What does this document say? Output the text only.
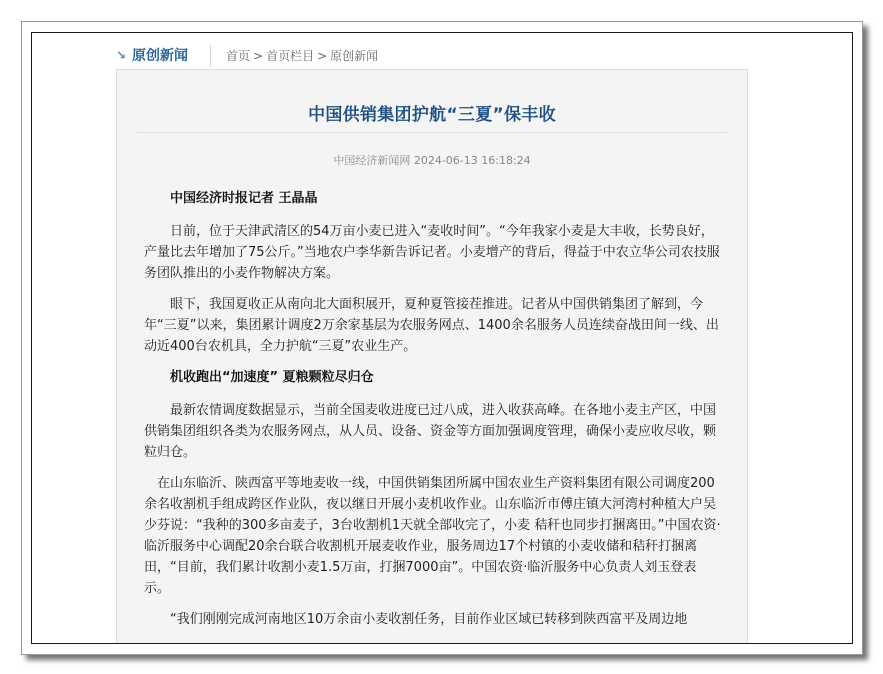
↘ 原创新闻	首页 > 首页栏目 > 原创新闻
中国供销集团护航“三夏”保丰收
中国经济新闻网 2024-06-13 16:18:24

中国经济时报记者 王晶晶

日前，位于天津武清区的54万亩小麦已进入“麦收时间”。“今年我家小麦是大丰收，长势良好，产量比去年增加了75公斤。”当地农户李华新告诉记者。小麦增产的背后，得益于中农立华公司农技服务团队推出的小麦作物解决方案。

眼下，我国夏收正从南向北大面积展开，夏种夏管接茬推进。记者从中国供销集团了解到，今年“三夏”以来，集团累计调度2万余家基层为农服务网点、1400余名服务人员连续奋战田间一线、出动近400台农机具，全力护航“三夏”农业生产。

机收跑出“加速度” 夏粮颗粒尽归仓

最新农情调度数据显示，当前全国麦收进度已过八成，进入收获高峰。在各地小麦主产区，中国供销集团组织各类为农服务网点，从人员、设备、资金等方面加强调度管理，确保小麦应收尽收，颗粒归仓。

在山东临沂、陕西富平等地麦收一线，中国供销集团所属中国农业生产资料集团有限公司调度200余名收割机手组成跨区作业队，夜以继日开展小麦机收作业。山东临沂市傅庄镇大河湾村种植大户吴少芬说：“我种的300多亩麦子，3台收割机1天就全部收完了，小麦 秸秆也同步打捆离田。”中国农资·临沂服务中心调配20余台联合收割机开展麦收作业，服务周边17个村镇的小麦收储和秸秆打捆离田，“目前，我们累计收割小麦1.5万亩，打捆7000亩”。中国农资·临沂服务中心负责人刘玉登表示。

“我们刚刚完成河南地区10万余亩小麦收割任务，目前作业区域已转移到陕西富平及周边地
